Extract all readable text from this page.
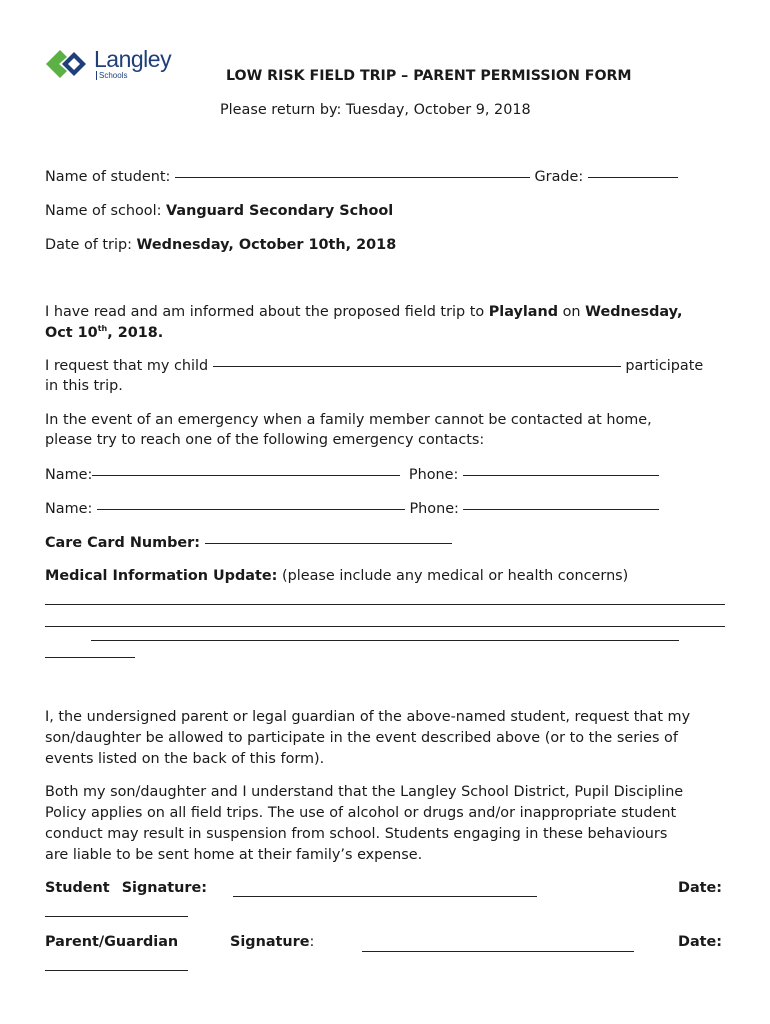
Langley
Schools	LOW RISK FIELD TRIP – PARENT PERMISSION FORM
Please return by: Tuesday, October 9, 2018
Name of student:	Grade:
Name of school: Vanguard Secondary School
Date of trip: Wednesday, October 10th, 2018
I have read and am informed about the proposed field trip to Playland on Wednesday,
Oct 10th, 2018.
I request that my child	participate
in this trip.
In the event of an emergency when a family member cannot be contacted at home,
please try to reach one of the following emergency contacts:
Name:	Phone:
Name:	Phone:
Care Card Number:
Medical Information Update: (please include any medical or health concerns)
I, the undersigned parent or legal guardian of the above-named student, request that my
son/daughter be allowed to participate in the event described above (or to the series of
events listed on the back of this form).
Both my son/daughter and I understand that the Langley School District, Pupil Discipline
Policy applies on all field trips. The use of alcohol or drugs and/or inappropriate student
conduct may result in suspension from school. Students engaging in these behaviours
are liable to be sent home at their family’s expense.
Student Signature:	Date:
Parent/Guardian	Signature:	Date:
